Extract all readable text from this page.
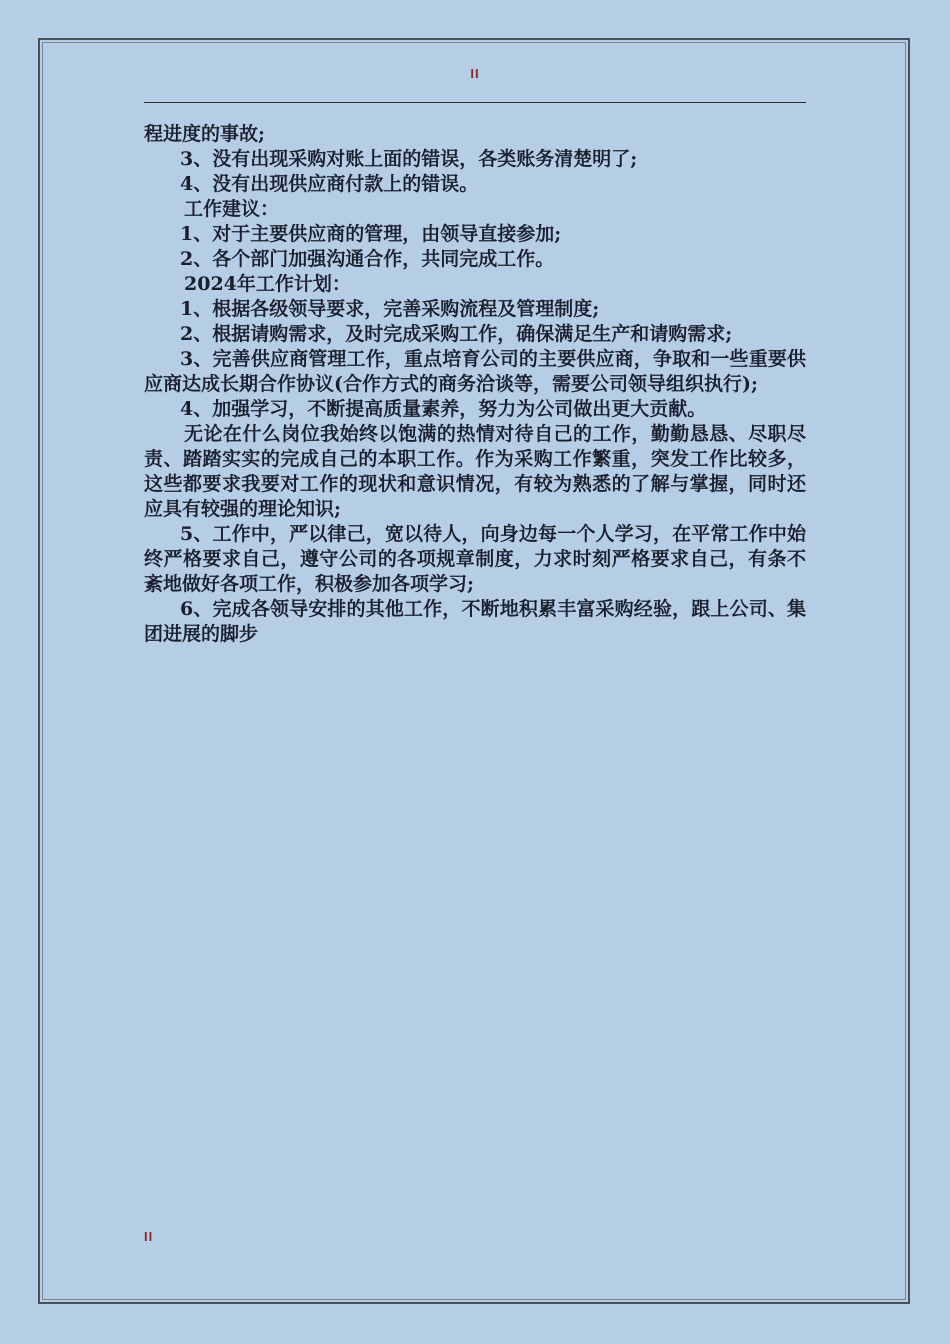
II

程进度的事故;

3、没有出现采购对账上面的错误，各类账务清楚明了;

4、没有出现供应商付款上的错误。

工作建议：

1、对于主要供应商的管理，由领导直接参加;

2、各个部门加强沟通合作，共同完成工作。

2024年工作计划：

1、根据各级领导要求，完善采购流程及管理制度;

2、根据请购需求，及时完成采购工作，确保满足生产和请购需求;

3、完善供应商管理工作，重点培育公司的主要供应商，争取和一些重要供应商达成长期合作协议(合作方式的商务洽谈等，需要公司领导组织执行);

4、加强学习，不断提高质量素养，努力为公司做出更大贡献。

无论在什么岗位我始终以饱满的热情对待自己的工作，勤勤恳恳、尽职尽责、踏踏实实的完成自己的本职工作。作为采购工作繁重，突发工作比较多，这些都要求我要对工作的现状和意识情况，有较为熟悉的了解与掌握，同时还应具有较强的理论知识;

5、工作中，严以律己，宽以待人，向身边每一个人学习，在平常工作中始终严格要求自己，遵守公司的各项规章制度，力求时刻严格要求自己，有条不紊地做好各项工作，积极参加各项学习;

6、完成各领导安排的其他工作，不断地积累丰富采购经验，跟上公司、集团进展的脚步

II
